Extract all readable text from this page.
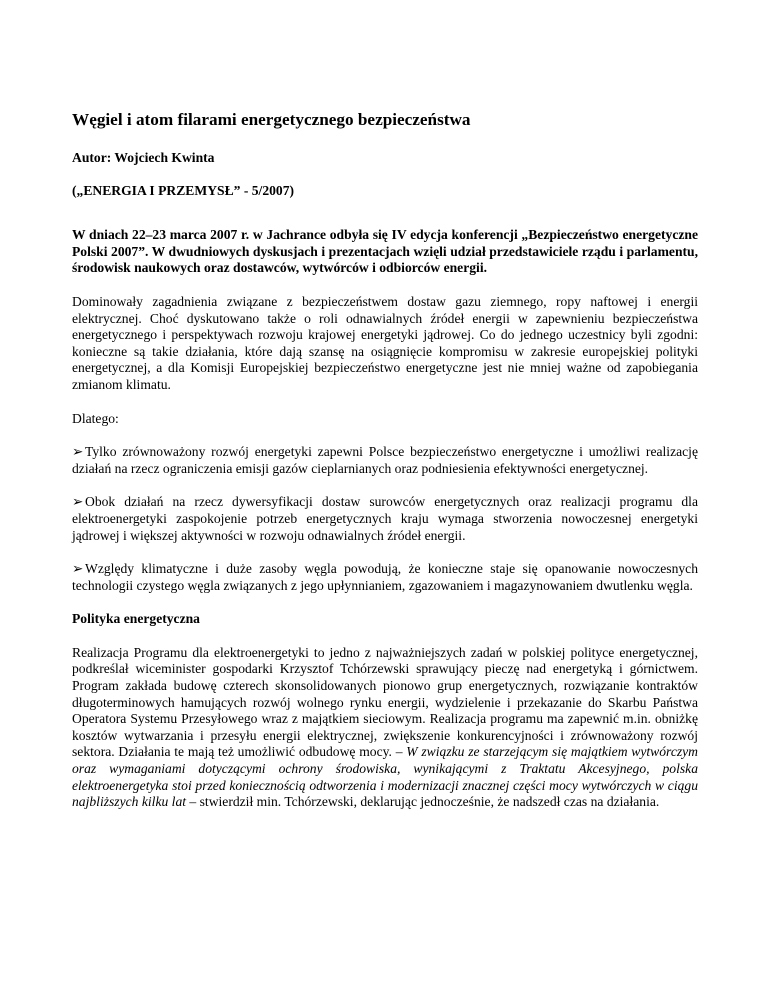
Węgiel i atom filarami energetycznego bezpieczeństwa
Autor: Wojciech Kwinta
(„ENERGIA I PRZEMYSŁ” - 5/2007)
W dniach 22–23 marca 2007 r. w Jachrance odbyła się IV edycja konferencji „Bezpieczeństwo energetyczne Polski 2007”. W dwudniowych dyskusjach i prezentacjach wzięli udział przedstawiciele rządu i parlamentu, środowisk naukowych oraz dostawców, wytwórców i odbiorców energii.
Dominowały zagadnienia związane z bezpieczeństwem dostaw gazu ziemnego, ropy naftowej i energii elektrycznej. Choć dyskutowano także o roli odnawialnych źródeł energii w zapewnieniu bezpieczeństwa energetycznego i perspektywach rozwoju krajowej energetyki jądrowej. Co do jednego uczestnicy byli zgodni: konieczne są takie działania, które dają szansę na osiągnięcie kompromisu w zakresie europejskiej polityki energetycznej, a dla Komisji Europejskiej bezpieczeństwo energetyczne jest nie mniej ważne od zapobiegania zmianom klimatu.
Dlatego:
➢ Tylko zrównoważony rozwój energetyki zapewni Polsce bezpieczeństwo energetyczne i umożliwi realizację działań na rzecz ograniczenia emisji gazów cieplarnianych oraz podniesienia efektywności energetycznej.
➢ Obok działań na rzecz dywersyfikacji dostaw surowców energetycznych oraz realizacji programu dla elektroenergetyki zaspokojenie potrzeb energetycznych kraju wymaga stworzenia nowoczesnej energetyki jądrowej i większej aktywności w rozwoju odnawialnych źródeł energii.
➢ Względy klimatyczne i duże zasoby węgla powodują, że konieczne staje się opanowanie nowoczesnych technologii czystego węgla związanych z jego upłynnianiem, zgazowaniem i magazynowaniem dwutlenku węgla.
Polityka energetyczna
Realizacja Programu dla elektroenergetyki to jedno z najważniejszych zadań w polskiej polityce energetycznej, podkreślał wiceminister gospodarki Krzysztof Tchórzewski sprawujący pieczę nad energetyką i górnictwem. Program zakłada budowę czterech skonsolidowanych pionowo grup energetycznych, rozwiązanie kontraktów długoterminowych hamujących rozwój wolnego rynku energii, wydzielenie i przekazanie do Skarbu Państwa Operatora Systemu Przesyłowego wraz z majątkiem sieciowym. Realizacja programu ma zapewnić m.in. obniżkę kosztów wytwarzania i przesyłu energii elektrycznej, zwiększenie konkurencyjności i zrównoważony rozwój sektora. Działania te mają też umożliwić odbudowę mocy. – W związku ze starzejącym się majątkiem wytwórczym oraz wymaganiami dotyczącymi ochrony środowiska, wynikającymi z Traktatu Akcesyjnego, polska elektroenergetyka stoi przed koniecznością odtworzenia i modernizacji znacznej części mocy wytwórczych w ciągu najbliższych kilku lat – stwierdził min. Tchórzewski, deklarując jednocześnie, że nadszedł czas na działania.
